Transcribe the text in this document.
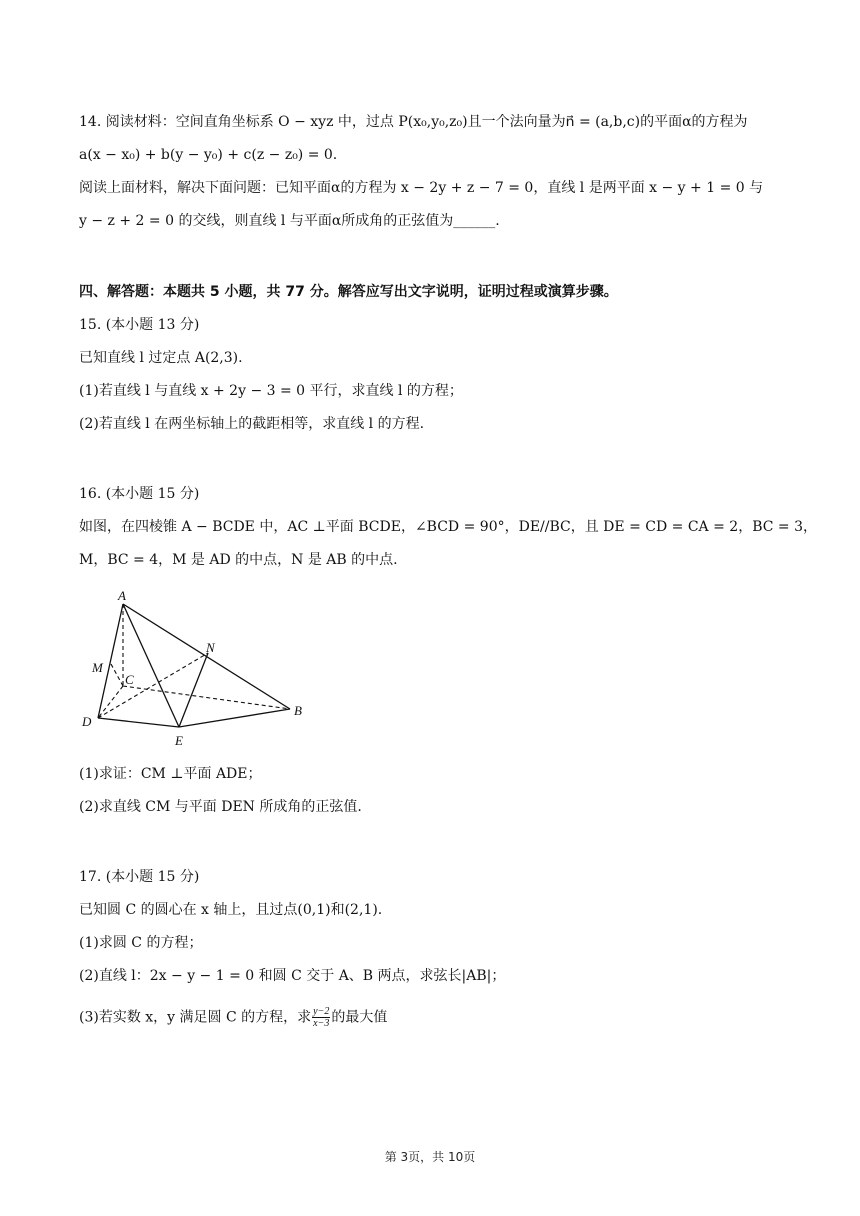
14. 阅读材料：空间直角坐标系 O − xyz 中，过点 P(x₀,y₀,z₀)且一个法向量为n⃗ = (a,b,c)的平面α的方程为
a(x − x₀) + b(y − y₀) + c(z − z₀) = 0.
阅读上面材料，解决下面问题：已知平面α的方程为 x − 2y + z − 7 = 0，直线 l 是两平面 x − y + 1 = 0 与
y − z + 2 = 0 的交线，则直线 l 与平面α所成角的正弦值为______.
四、解答题：本题共 5 小题，共 77 分。解答应写出文字说明，证明过程或演算步骤。
15. (本小题 13 分)
已知直线 l 过定点 A(2,3).
(1)若直线 l 与直线 x + 2y − 3 = 0 平行，求直线 l 的方程；
(2)若直线 l 在两坐标轴上的截距相等，求直线 l 的方程.
16. (本小题 15 分)
如图，在四棱锥 A − BCDE 中，AC ⊥平面 BCDE，∠BCD = 90°，DE//BC，且 DE = CD = CA = 2，BC = 3，
M，BC = 4，M 是 AD 的中点，N 是 AB 的中点.
A
M
C
D
E
N
B
(1)求证：CM ⊥平面 ADE；
(2)求直线 CM 与平面 DEN 所成角的正弦值.
17. (本小题 15 分)
已知圆 C 的圆心在 x 轴上，且过点(0,1)和(2,1).
(1)求圆 C 的方程；
(2)直线 l：2x − y − 1 = 0 和圆 C 交于 A、B 两点，求弦长|AB|；
(3)若实数 x，y 满足圆 C 的方程，求 $\frac{y-2}{x-3}$ 的最大值
第 3页，共 10页
